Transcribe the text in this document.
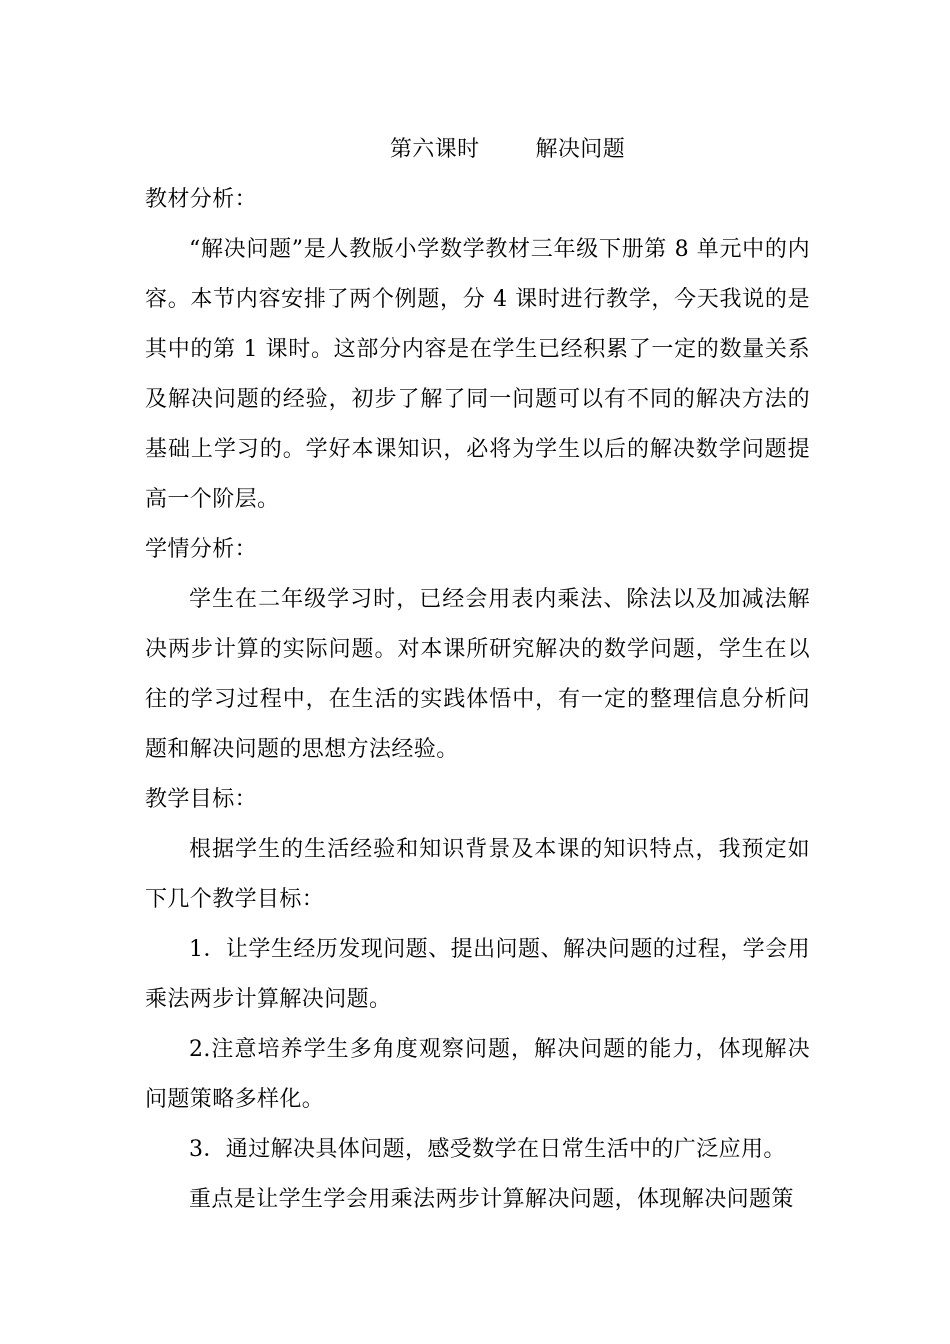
第六课时	解决问题

教材分析：

“解决问题”是人教版小学数学教材三年级下册第 8 单元中的内容。本节内容安排了两个例题，分 4 课时进行教学，今天我说的是其中的第 1 课时。这部分内容是在学生已经积累了一定的数量关系及解决问题的经验，初步了解了同一问题可以有不同的解决方法的基础上学习的。学好本课知识，必将为学生以后的解决数学问题提高一个阶层。

学情分析：

学生在二年级学习时，已经会用表内乘法、除法以及加减法解决两步计算的实际问题。对本课所研究解决的数学问题，学生在以往的学习过程中，在生活的实践体悟中，有一定的整理信息分析问题和解决问题的思想方法经验。

教学目标：

根据学生的生活经验和知识背景及本课的知识特点，我预定如下几个教学目标：

1．让学生经历发现问题、提出问题、解决问题的过程，学会用乘法两步计算解决问题。

2.注意培养学生多角度观察问题，解决问题的能力，体现解决问题策略多样化。

3．通过解决具体问题，感受数学在日常生活中的广泛应用。

重点是让学生学会用乘法两步计算解决问题，体现解决问题策
